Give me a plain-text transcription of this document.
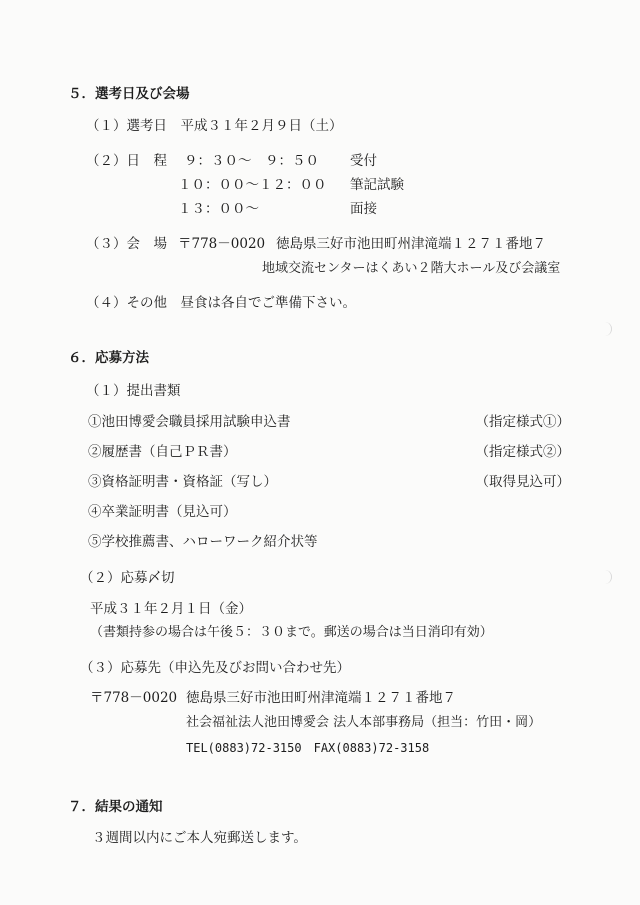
５．選考日及び会場
（１）選考日　平成３１年２月９日（土）
（２）日　程 ９：３０～　９：５０ 受付
１０：００～１２：００ 筆記試験
１３：００～	面接
（３）会　場 〒778－0020 徳島県三好市池田町州津滝端１２７１番地７
地域交流センターはくあい２階大ホール及び会議室
（４）その他　昼食は各自でご準備下さい。
６．応募方法
（１）提出書類
①池田博愛会職員採用試験申込書	（指定様式①）
②履歴書（自己ＰＲ書）	（指定様式②）
③資格証明書・資格証（写し）	（取得見込可）
④卒業証明書（見込可）
⑤学校推薦書、ハローワーク紹介状等
（２）応募〆切
平成３１年２月１日（金）
（書類持参の場合は午後５：３０まで。郵送の場合は当日消印有効）
（３）応募先（申込先及びお問い合わせ先）
〒778－0020 徳島県三好市池田町州津滝端１２７１番地７
社会福祉法人池田博愛会 法人本部事務局（担当：竹田・岡）
TEL(0883)72-3150　FAX(0883)72-3158
７．結果の通知
３週間以内にご本人宛郵送します。
